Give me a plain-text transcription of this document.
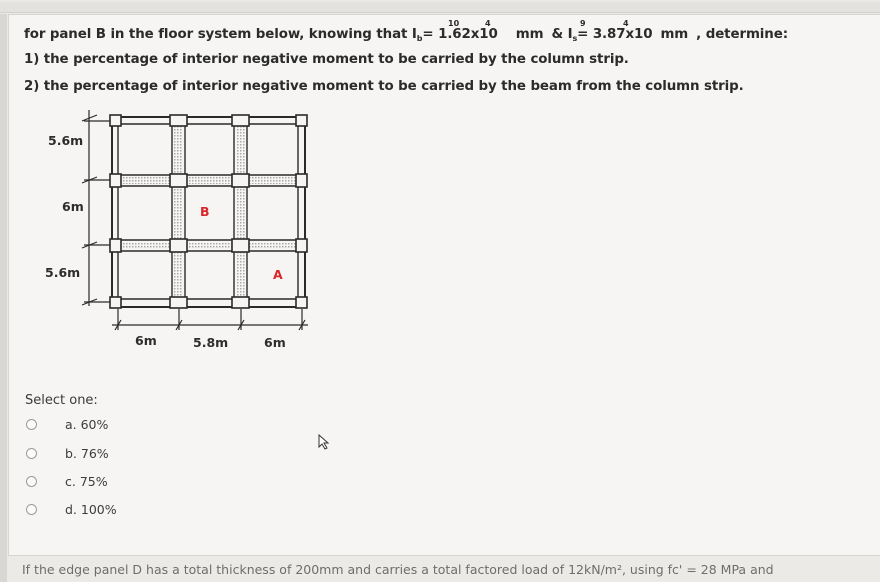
for panel B in the floor system below, knowing that $I_b= 1.62x10$ mm & $I_s= 3.87x10$ mm , determine:
10	4	9	4
1) the percentage of interior negative moment to be carried by the column strip.
2) the percentage of interior negative moment to be carried by the beam from the column strip.
5.6m
6m
5.6m
6m	5.8m	6m
B
A
Select one:
a. 60%
b. 76%
c. 75%
d. 100%
If the edge panel D has a total thickness of 200mm and carries a total factored load of 12kN/m², using fc' = 28 MPa and
